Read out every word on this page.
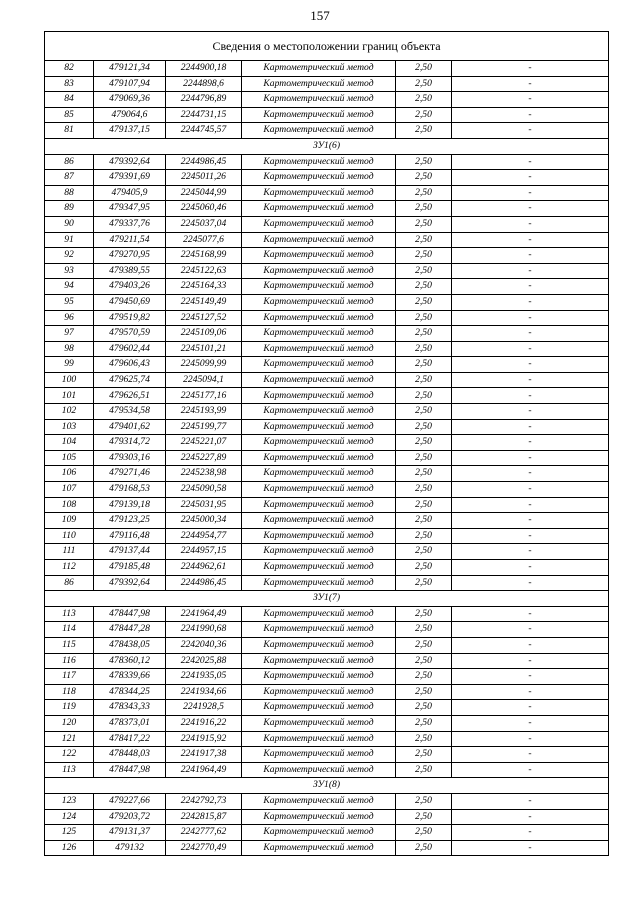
157
Сведения о местоположении границ объекта					
82	479121,34	2244900,18	Картометрический метод	2,50	-
83	479107,94	2244898,6	Картометрический метод	2,50	-
84	479069,36	2244796,89	Картометрический метод	2,50	-
85	479064,6	2244731,15	Картометрический метод	2,50	-
81	479137,15	2244745,57	Картометрический метод	2,50	-
ЗУ1(6)					
86	479392,64	2244986,45	Картометрический метод	2,50	-
87	479391,69	2245011,26	Картометрический метод	2,50	-
88	479405,9	2245044,99	Картометрический метод	2,50	-
89	479347,95	2245060,46	Картометрический метод	2,50	-
90	479337,76	2245037,04	Картометрический метод	2,50	-
91	479211,54	2245077,6	Картометрический метод	2,50	-
92	479270,95	2245168,99	Картометрический метод	2,50	-
93	479389,55	2245122,63	Картометрический метод	2,50	-
94	479403,26	2245164,33	Картометрический метод	2,50	-
95	479450,69	2245149,49	Картометрический метод	2,50	-
96	479519,82	2245127,52	Картометрический метод	2,50	-
97	479570,59	2245109,06	Картометрический метод	2,50	-
98	479602,44	2245101,21	Картометрический метод	2,50	-
99	479606,43	2245099,99	Картометрический метод	2,50	-
100	479625,74	2245094,1	Картометрический метод	2,50	-
101	479626,51	2245177,16	Картометрический метод	2,50	-
102	479534,58	2245193,99	Картометрический метод	2,50	-
103	479401,62	2245199,77	Картометрический метод	2,50	-
104	479314,72	2245221,07	Картометрический метод	2,50	-
105	479303,16	2245227,89	Картометрический метод	2,50	-
106	479271,46	2245238,98	Картометрический метод	2,50	-
107	479168,53	2245090,58	Картометрический метод	2,50	-
108	479139,18	2245031,95	Картометрический метод	2,50	-
109	479123,25	2245000,34	Картометрический метод	2,50	-
110	479116,48	2244954,77	Картометрический метод	2,50	-
111	479137,44	2244957,15	Картометрический метод	2,50	-
112	479185,48	2244962,61	Картометрический метод	2,50	-
86	479392,64	2244986,45	Картометрический метод	2,50	-
ЗУ1(7)					
113	478447,98	2241964,49	Картометрический метод	2,50	-
114	478447,28	2241990,68	Картометрический метод	2,50	-
115	478438,05	2242040,36	Картометрический метод	2,50	-
116	478360,12	2242025,88	Картометрический метод	2,50	-
117	478339,66	2241935,05	Картометрический метод	2,50	-
118	478344,25	2241934,66	Картометрический метод	2,50	-
119	478343,33	2241928,5	Картометрический метод	2,50	-
120	478373,01	2241916,22	Картометрический метод	2,50	-
121	478417,22	2241915,92	Картометрический метод	2,50	-
122	478448,03	2241917,38	Картометрический метод	2,50	-
113	478447,98	2241964,49	Картометрический метод	2,50	-
ЗУ1(8)					
123	479227,66	2242792,73	Картометрический метод	2,50	-
124	479203,72	2242815,87	Картометрический метод	2,50	-
125	479131,37	2242777,62	Картометрический метод	2,50	-
126	479132	2242770,49	Картометрический метод	2,50	-
